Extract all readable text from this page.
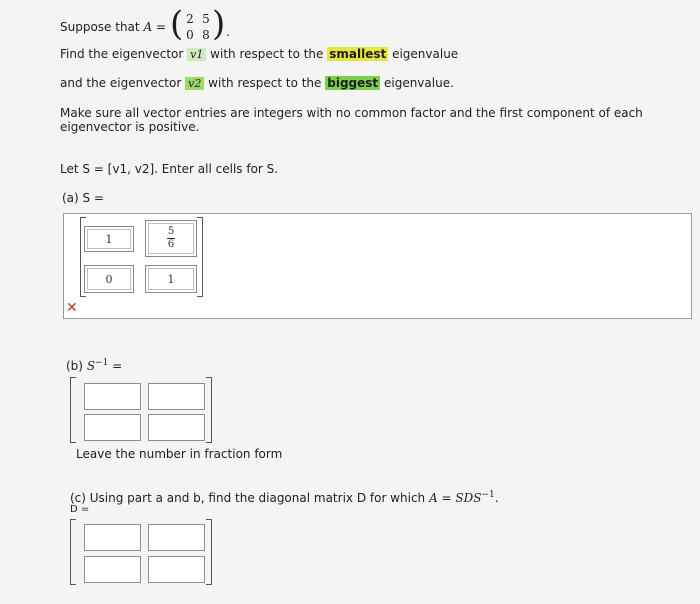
Suppose that A = ( 2 5
0 8 ) .
Find the eigenvector v1 with respect to the smallest eigenvalue
and the eigenvector v2 with respect to the biggest eigenvalue.
Make sure all vector entries are integers with no common factor and the first component of each
eigenvector is positive.
Let S = [v1, v2]. Enter all cells for S.
(a) S =
1	$\frac{5}{6}$
0	1
✕
(b) $S^{-1}$ =
Leave the number in fraction form
(c) Using part a and b, find the diagonal matrix D for which $A = SDS^{-1}$.
D =
